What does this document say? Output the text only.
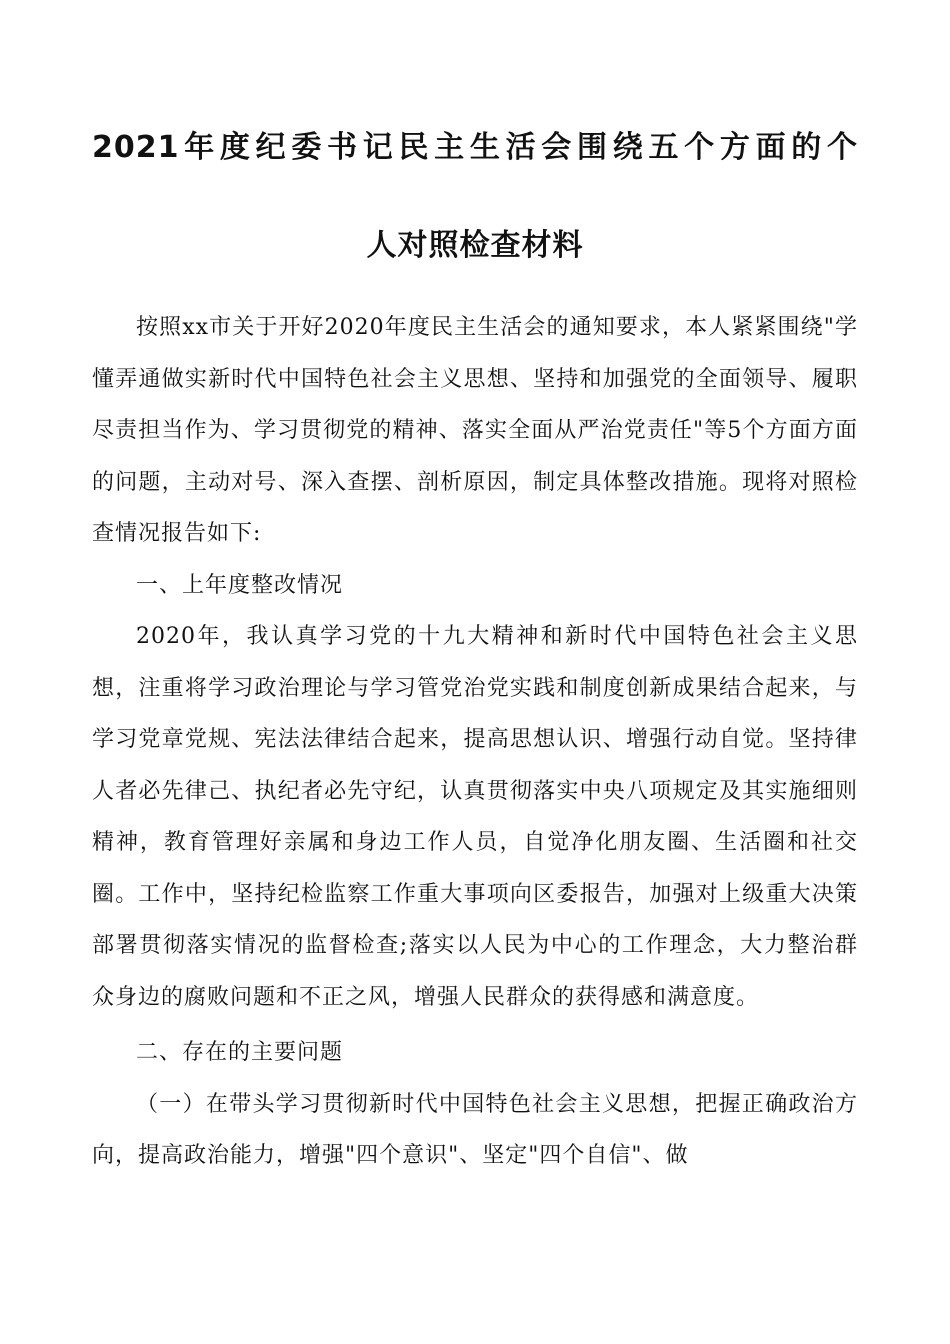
2021年度纪委书记民主生活会围绕五个方面的个
人对照检查材料

按照xx市关于开好2020年度民主生活会的通知要求，本人紧紧围绕"学懂弄通做实新时代中国特色社会主义思想、坚持和加强党的全面领导、履职尽责担当作为、学习贯彻党的精神、落实全面从严治党责任"等5个方面方面的问题，主动对号、深入查摆、剖析原因，制定具体整改措施。现将对照检查情况报告如下:

一、上年度整改情况

2020年，我认真学习党的十九大精神和新时代中国特色社会主义思想，注重将学习政治理论与学习管党治党实践和制度创新成果结合起来，与学习党章党规、宪法法律结合起来，提高思想认识、增强行动自觉。坚持律人者必先律己、执纪者必先守纪，认真贯彻落实中央八项规定及其实施细则精神，教育管理好亲属和身边工作人员，自觉净化朋友圈、生活圈和社交圈。工作中，坚持纪检监察工作重大事项向区委报告，加强对上级重大决策部署贯彻落实情况的监督检查;落实以人民为中心的工作理念，大力整治群众身边的腐败问题和不正之风，增强人民群众的获得感和满意度。

二、存在的主要问题

（一）在带头学习贯彻新时代中国特色社会主义思想，把握正确政治方向，提高政治能力，增强"四个意识"、坚定"四个自信"、做
